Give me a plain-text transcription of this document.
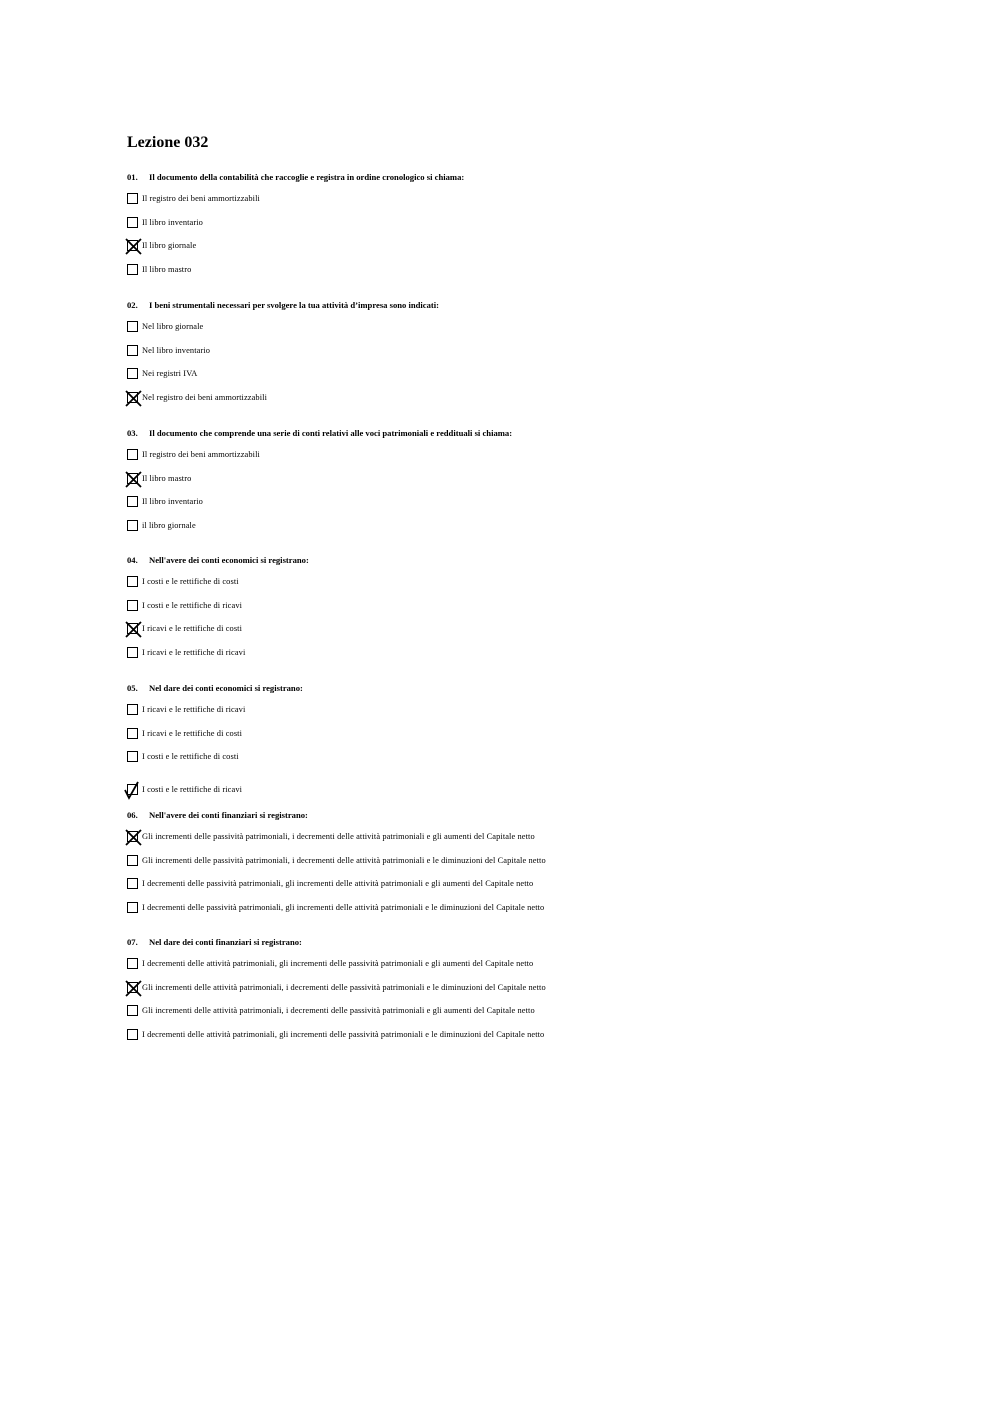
Lezione 032
01. Il documento della contabilità che raccoglie e registra in ordine cronologico si chiama:
Il registro dei beni ammortizzabili
Il libro inventario
Il libro giornale
Il libro mastro
02. I beni strumentali necessari per svolgere la tua attività d’impresa sono indicati:
Nel libro giornale
Nel libro inventario
Nei registri IVA
Nel registro dei beni ammortizzabili
03. Il documento che comprende una serie di conti relativi alle voci patrimoniali e reddituali si chiama:
Il registro dei beni ammortizzabili
Il libro mastro
Il libro inventario
il libro giornale
04. Nell'avere dei conti economici si registrano:
I costi e le rettifiche di costi
I costi e le rettifiche di ricavi
I ricavi e le rettifiche di costi
I ricavi e le rettifiche di ricavi
05. Nel dare dei conti economici si registrano:
I ricavi e le rettifiche di ricavi
I ricavi e le rettifiche di costi
I costi e le rettifiche di costi
I costi e le rettifiche di ricavi
06. Nell'avere dei conti finanziari si registrano:
Gli incrementi delle passività patrimoniali, i decrementi delle attività patrimoniali e gli aumenti del Capitale netto
Gli incrementi delle passività patrimoniali, i decrementi delle attività patrimoniali e le diminuzioni del Capitale netto
I decrementi delle passività patrimoniali, gli incrementi delle attività patrimoniali e gli aumenti del Capitale netto
I decrementi delle passività patrimoniali, gli incrementi delle attività patrimoniali e le diminuzioni del Capitale netto
07. Nel dare dei conti finanziari si registrano:
I decrementi delle attività patrimoniali, gli incrementi delle passività patrimoniali e gli aumenti del Capitale netto
Gli incrementi delle attività patrimoniali, i decrementi delle passività patrimoniali e le diminuzioni del Capitale netto
Gli incrementi delle attività patrimoniali, i decrementi delle passività patrimoniali e gli aumenti del Capitale netto
I decrementi delle attività patrimoniali, gli incrementi delle passività patrimoniali e le diminuzioni del Capitale netto
